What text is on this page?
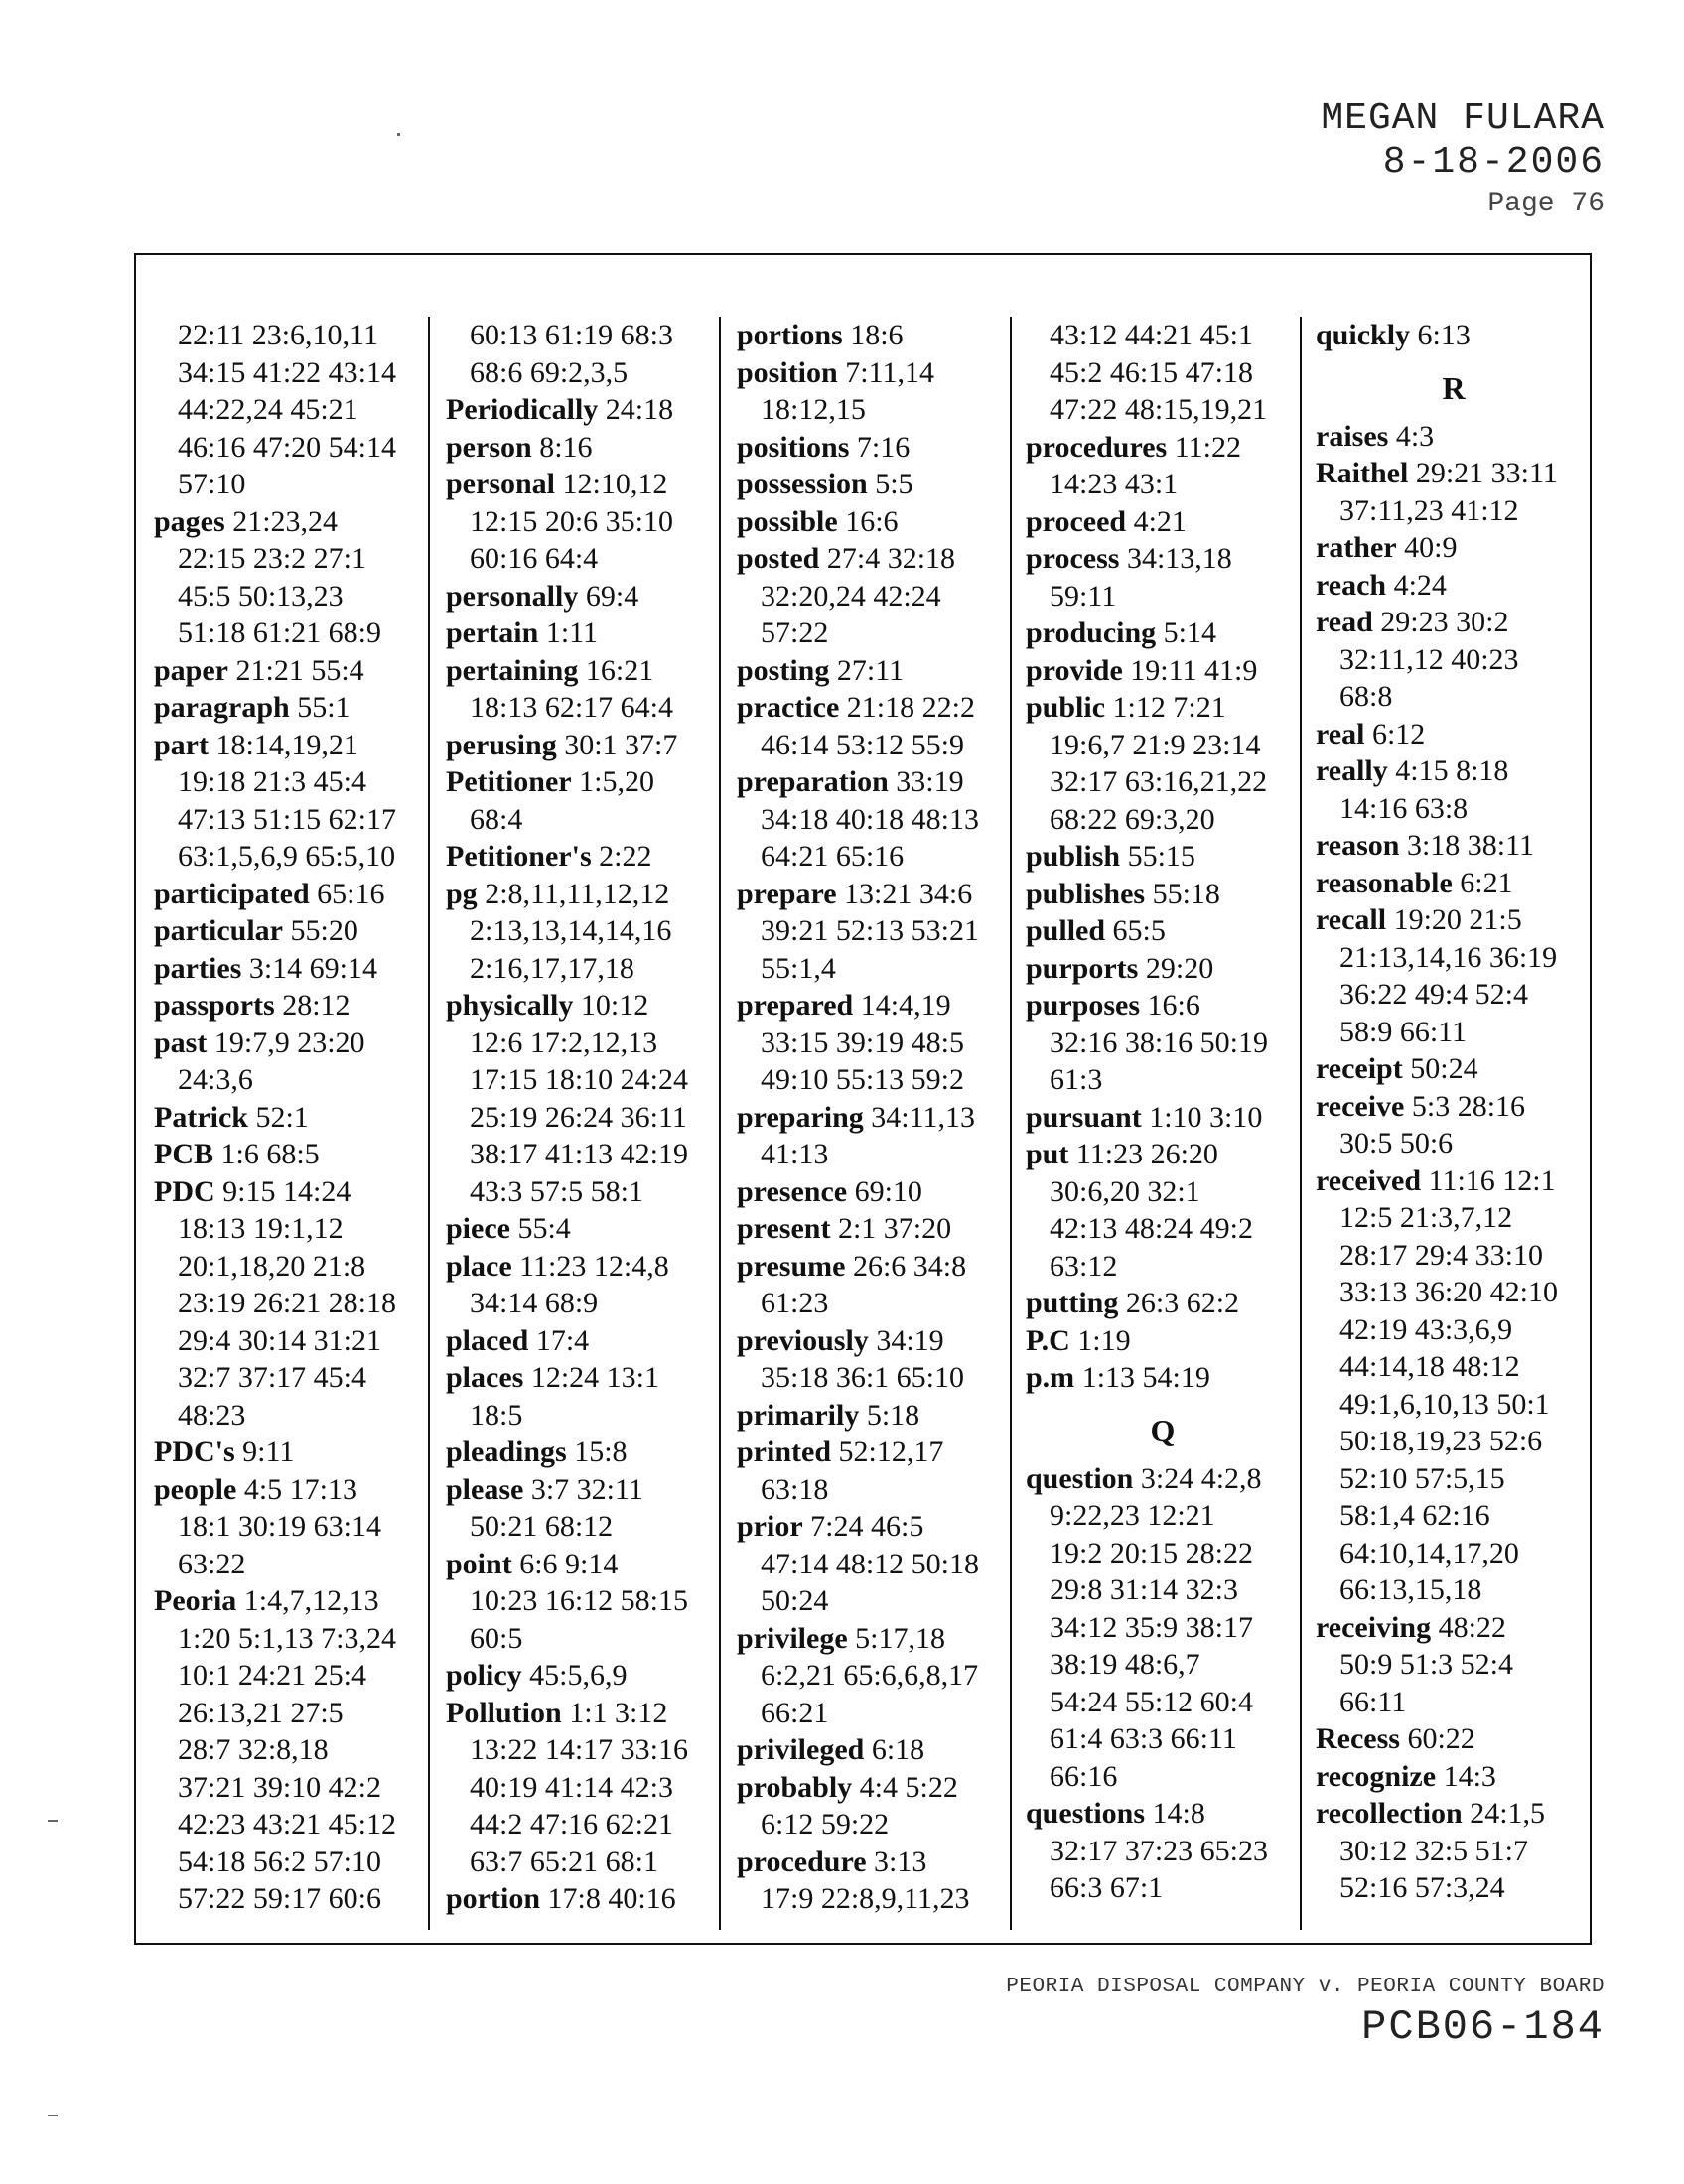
MEGAN FULARA
8-18-2006
Page 76
22:11 23:6,10,11
34:15 41:22 43:14
44:22,24 45:21
46:16 47:20 54:14
57:10
pages 21:23,24
22:15 23:2 27:1
45:5 50:13,23
51:18 61:21 68:9
paper 21:21 55:4
paragraph 55:1
part 18:14,19,21
19:18 21:3 45:4
47:13 51:15 62:17
63:1,5,6,9 65:5,10
participated 65:16
particular 55:20
parties 3:14 69:14
passports 28:12
past 19:7,9 23:20
24:3,6
Patrick 52:1
PCB 1:6 68:5
PDC 9:15 14:24
18:13 19:1,12
20:1,18,20 21:8
23:19 26:21 28:18
29:4 30:14 31:21
32:7 37:17 45:4
48:23
PDC's 9:11
people 4:5 17:13
18:1 30:19 63:14
63:22
Peoria 1:4,7,12,13
1:20 5:1,13 7:3,24
10:1 24:21 25:4
26:13,21 27:5
28:7 32:8,18
37:21 39:10 42:2
42:23 43:21 45:12
54:18 56:2 57:10
57:22 59:17 60:6
60:13 61:19 68:3
68:6 69:2,3,5
Periodically 24:18
person 8:16
personal 12:10,12
12:15 20:6 35:10
60:16 64:4
personally 69:4
pertain 1:11
pertaining 16:21
18:13 62:17 64:4
perusing 30:1 37:7
Petitioner 1:5,20
68:4
Petitioner's 2:22
pg 2:8,11,11,12,12
2:13,13,14,14,16
2:16,17,17,18
physically 10:12
12:6 17:2,12,13
17:15 18:10 24:24
25:19 26:24 36:11
38:17 41:13 42:19
43:3 57:5 58:1
piece 55:4
place 11:23 12:4,8
34:14 68:9
placed 17:4
places 12:24 13:1
18:5
pleadings 15:8
please 3:7 32:11
50:21 68:12
point 6:6 9:14
10:23 16:12 58:15
60:5
policy 45:5,6,9
Pollution 1:1 3:12
13:22 14:17 33:16
40:19 41:14 42:3
44:2 47:16 62:21
63:7 65:21 68:1
portion 17:8 40:16
portions 18:6
position 7:11,14
18:12,15
positions 7:16
possession 5:5
possible 16:6
posted 27:4 32:18
32:20,24 42:24
57:22
posting 27:11
practice 21:18 22:2
46:14 53:12 55:9
preparation 33:19
34:18 40:18 48:13
64:21 65:16
prepare 13:21 34:6
39:21 52:13 53:21
55:1,4
prepared 14:4,19
33:15 39:19 48:5
49:10 55:13 59:2
preparing 34:11,13
41:13
presence 69:10
present 2:1 37:20
presume 26:6 34:8
61:23
previously 34:19
35:18 36:1 65:10
primarily 5:18
printed 52:12,17
63:18
prior 7:24 46:5
47:14 48:12 50:18
50:24
privilege 5:17,18
6:2,21 65:6,6,8,17
66:21
privileged 6:18
probably 4:4 5:22
6:12 59:22
procedure 3:13
17:9 22:8,9,11,23
43:12 44:21 45:1
45:2 46:15 47:18
47:22 48:15,19,21
procedures 11:22
14:23 43:1
proceed 4:21
process 34:13,18
59:11
producing 5:14
provide 19:11 41:9
public 1:12 7:21
19:6,7 21:9 23:14
32:17 63:16,21,22
68:22 69:3,20
publish 55:15
publishes 55:18
pulled 65:5
purports 29:20
purposes 16:6
32:16 38:16 50:19
61:3
pursuant 1:10 3:10
put 11:23 26:20
30:6,20 32:1
42:13 48:24 49:2
63:12
putting 26:3 62:2
P.C 1:19
p.m 1:13 54:19
Q
question 3:24 4:2,8
9:22,23 12:21
19:2 20:15 28:22
29:8 31:14 32:3
34:12 35:9 38:17
38:19 48:6,7
54:24 55:12 60:4
61:4 63:3 66:11
66:16
questions 14:8
32:17 37:23 65:23
66:3 67:1
quickly 6:13
R
raises 4:3
Raithel 29:21 33:11
37:11,23 41:12
rather 40:9
reach 4:24
read 29:23 30:2
32:11,12 40:23
68:8
real 6:12
really 4:15 8:18
14:16 63:8
reason 3:18 38:11
reasonable 6:21
recall 19:20 21:5
21:13,14,16 36:19
36:22 49:4 52:4
58:9 66:11
receipt 50:24
receive 5:3 28:16
30:5 50:6
received 11:16 12:1
12:5 21:3,7,12
28:17 29:4 33:10
33:13 36:20 42:10
42:19 43:3,6,9
44:14,18 48:12
49:1,6,10,13 50:1
50:18,19,23 52:6
52:10 57:5,15
58:1,4 62:16
64:10,14,17,20
66:13,15,18
receiving 48:22
50:9 51:3 52:4
66:11
Recess 60:22
recognize 14:3
recollection 24:1,5
30:12 32:5 51:7
52:16 57:3,24
PEORIA DISPOSAL COMPANY v. PEORIA COUNTY BOARD
PCB06-184
